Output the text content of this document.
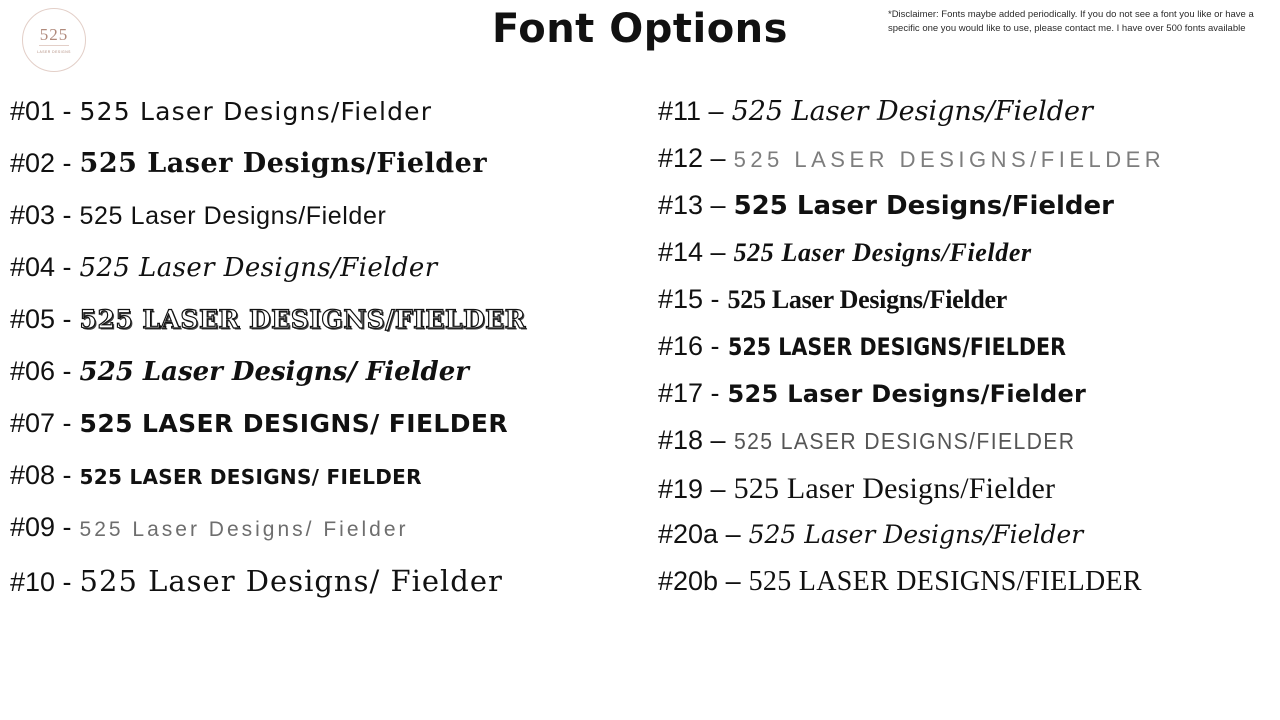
525
LASER DESIGNS	Font Options	*Disclaimer: Fonts maybe added periodically. If you do not see a font you like or have a specific one you would like to use, please contact me. I have over 500 fonts available
#01 - 525 Laser Designs/Fielder
#02 - 525 Laser Designs/Fielder
#03 - 525 Laser Designs/Fielder
#04 - 525 Laser Designs/Fielder
#05 - 525 LASER DESIGNS/FIELDER
#06 - 525 Laser Designs/ Fielder
#07 - 525 LASER DESIGNS/ FIELDER
#08 - 525 LASER DESIGNS/ FIELDER
#09 - 525 Laser Designs/ Fielder
#10 - 525 Laser Designs/ Fielder
#11 – 525 Laser Designs/Fielder
#12 – 525 LASER DESIGNS/FIELDER
#13 – 525 Laser Designs/Fielder
#14 – 525 Laser Designs/Fielder
#15 - 525 Laser Designs/Fielder
#16 - 525 LASER DESIGNS/FIELDER
#17 - 525 Laser Designs/Fielder
#18 – 525 LASER DESIGNS/FIELDER
#19 – 525 Laser Designs/Fielder
#20a – 525 Laser Designs/Fielder
#20b – 525 LASER DESIGNS/FIELDER
